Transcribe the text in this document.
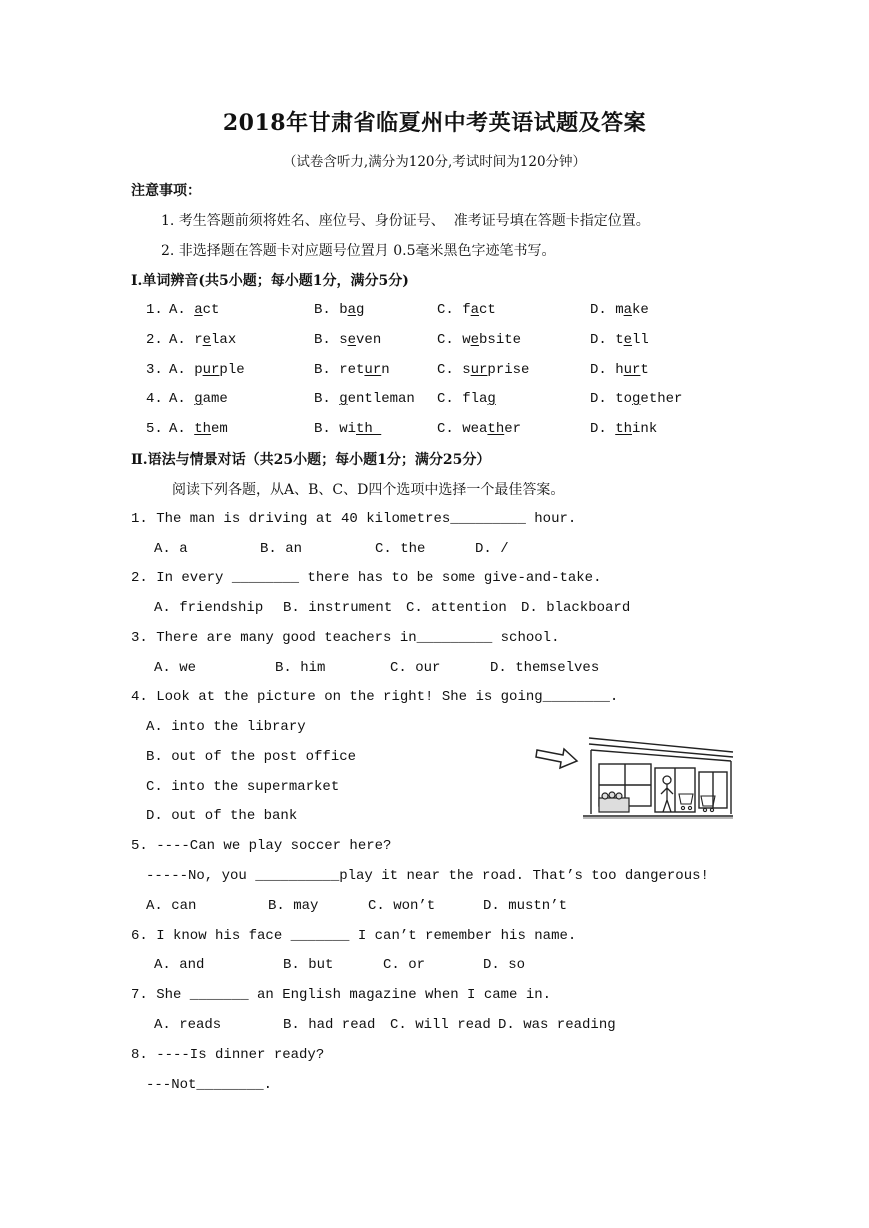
2018年甘肃省临夏州中考英语试题及答案
（试卷含听力,满分为120分,考试时间为120分钟）
注意事项：
1. 考生答题前须将姓名、座位号、身份证号、  准考证号填在答题卡指定位置。
2. 非选择题在答题卡对应题号位置月 0.5毫米黑色字迹笔书写。
I.单词辨音(共5小题；每小题1分，满分5分)
1. A. act	B. bag	C. fact	D. make
2. A. relax	B. seven	C. website	D. tell
3. A. purple	B. return	C. surprise	D. hurt
4. A. game	B. gentleman C. flag	D. together
5. A. them	B. with	C. weather	D. think
Ⅱ.语法与情景对话（共25小题；每小题1分；满分25分）
阅读下列各题，从A、B、C、D四个选项中选择一个最佳答案。
1. The man is driving at 40 kilometres_________ hour.
A. a	B. an	C. the	D. /
2. In every ________ there has to be some give-and-take.
A. friendship B. instrument C. attention D. blackboard
3. There are many good teachers in_________ school.
A. we	B. him	C. our	D. themselves
4. Look at the picture on the right! She is going________.
A. into the library
B. out of the post office
C. into the supermarket
D. out of the bank
5. ----Can we play soccer here?
-----No, you __________play it near the road. That’s too dangerous!
A. can	B. may	C. won’t	D. mustn’t
6. I know his face _______ I can’t remember his name.
A. and	B. but	C. or	D. so
7. She _______ an English magazine when I came in.
A. reads	B. had read C. will read D. was reading
8. ----Is dinner ready?
---Not________.
